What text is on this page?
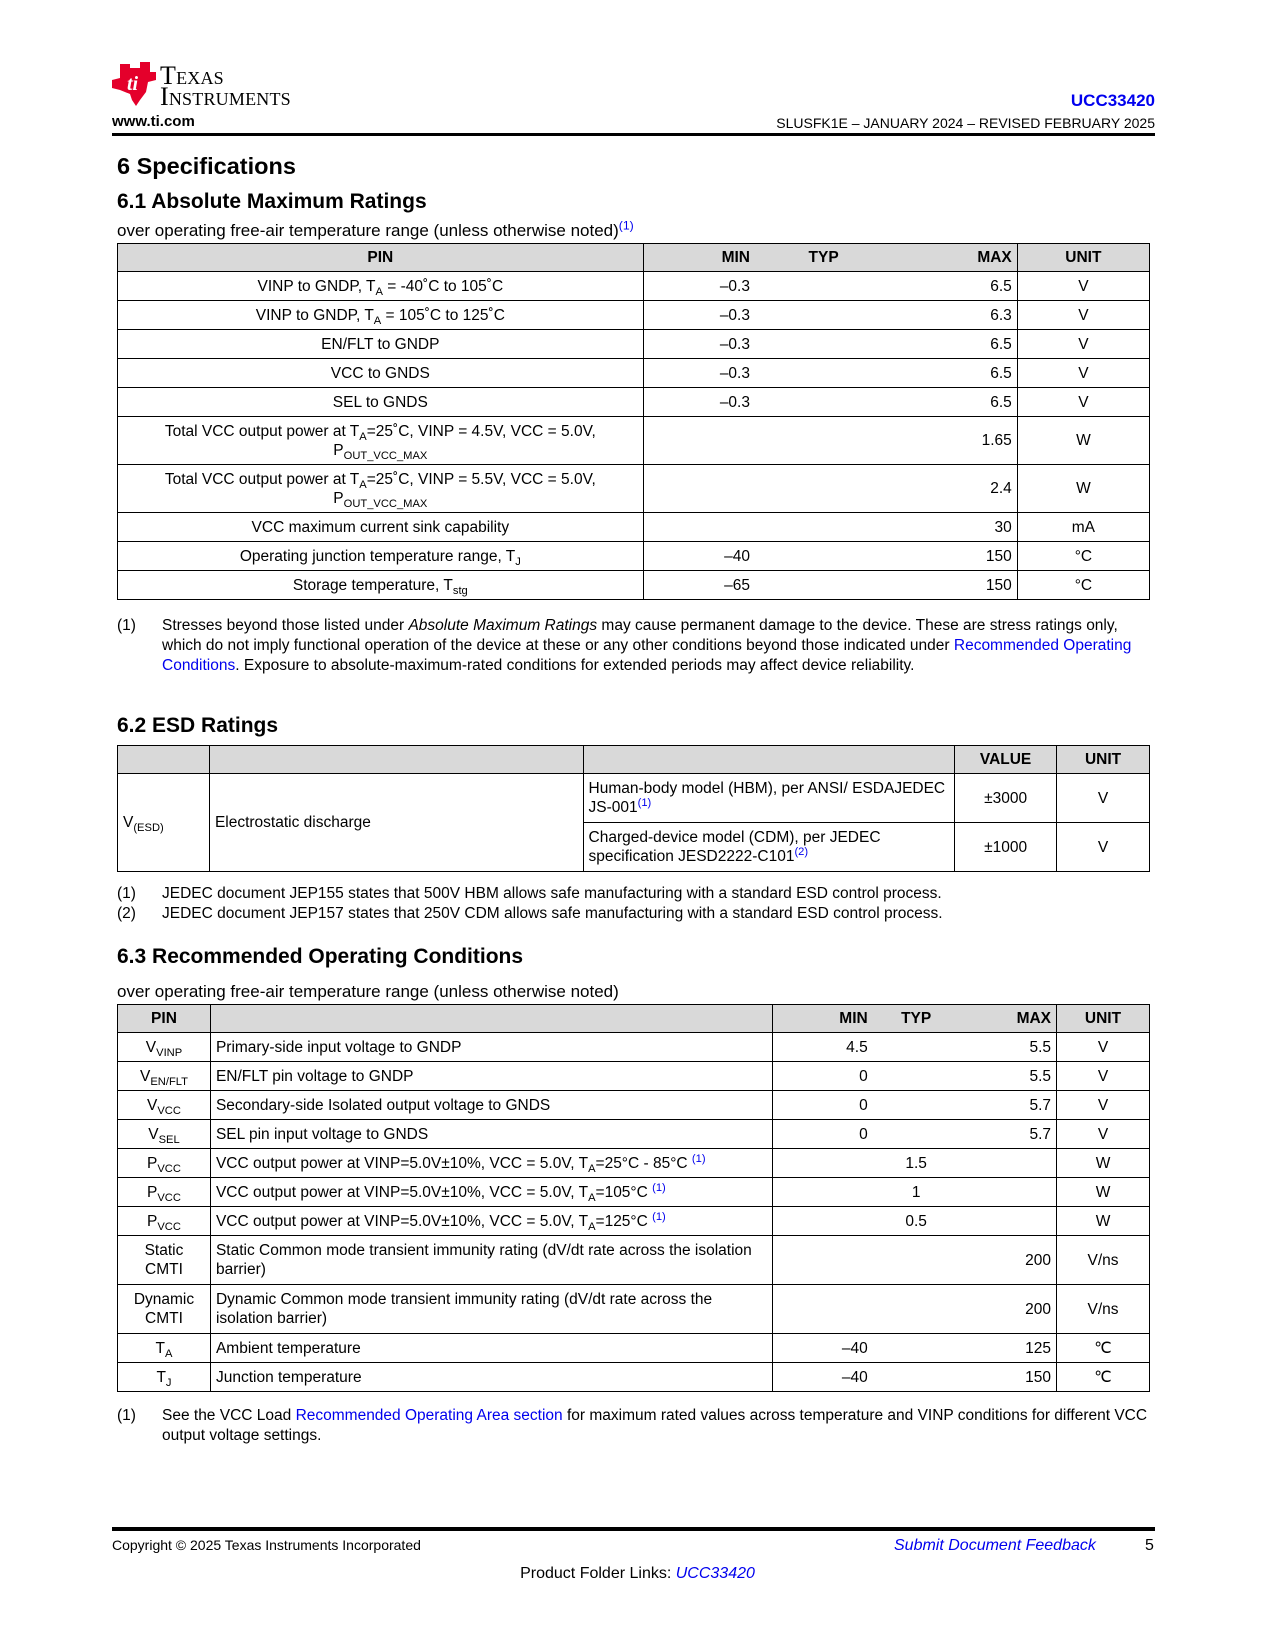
ti Texas
Instruments
www.ti.com
UCC33420
SLUSFK1E – JANUARY 2024 – REVISED FEBRUARY 2025
6 Specifications
6.1 Absolute Maximum Ratings
over operating free-air temperature range (unless otherwise noted)$^{(1)}$
PIN	MIN	TYP	MAX	UNIT
VINP to GNDP, $T_A$ = -40˚C to 105˚C	–0.3		6.5	V
VINP to GNDP, $T_A$ = 105˚C to 125˚C	–0.3		6.3	V
EN/FLT to GNDP	–0.3		6.5	V
VCC to GNDS	–0.3		6.5	V
SEL to GNDS	–0.3		6.5	V
Total VCC output power at $T_A=25˚C$, VINP = 4.5V, VCC = 5.0V, $P_{OUT\_VCC\_MAX}$			1.65	W
Total VCC output power at $T_A=25˚C$, VINP = 5.5V, VCC = 5.0V, $P_{OUT\_VCC\_MAX}$			2.4	W
VCC maximum current sink capability			30	mA
Operating junction temperature range, $T_J$	–40		150	°C
Storage temperature, $T_{stg}$	–65		150	°C
(1) Stresses beyond those listed under Absolute Maximum Ratings may cause permanent damage to the device. These are stress ratings only, which do not imply functional operation of the device at these or any other conditions beyond those indicated under Recommended Operating Conditions. Exposure to absolute-maximum-rated conditions for extended periods may affect device reliability.
6.2 ESD Ratings
			VALUE	UNIT
$V_{(ESD)}$	Electrostatic discharge	Human-body model (HBM), per ANSI/ ESDAJEDEC JS-001$^{(1)}$	±3000	V
		Charged-device model (CDM), per JEDEC specification JESD2222-C101$^{(2)}$	±1000	V
(1) JEDEC document JEP155 states that 500V HBM allows safe manufacturing with a standard ESD control process.
(2) JEDEC document JEP157 states that 250V CDM allows safe manufacturing with a standard ESD control process.
6.3 Recommended Operating Conditions
over operating free-air temperature range (unless otherwise noted)
PIN		MIN	TYP	MAX	UNIT
$V_{VINP}$	Primary-side input voltage to GNDP	4.5		5.5	V
$V_{EN/FLT}$	EN/FLT pin voltage to GNDP	0		5.5	V
$V_{VCC}$	Secondary-side Isolated output voltage to GNDS	0		5.7	V
$V_{SEL}$	SEL pin input voltage to GNDS	0		5.7	V
$P_{VCC}$	VCC output power at VINP=5.0V±10%, VCC = 5.0V, $T_A=25^\circ C - 85^\circ C$ $^{(1)}$		1.5		W
$P_{VCC}$	VCC output power at VINP=5.0V±10%, VCC = 5.0V, $T_A=105^\circ C$ $^{(1)}$		1		W
$P_{VCC}$	VCC output power at VINP=5.0V±10%, VCC = 5.0V, $T_A=125^\circ C$ $^{(1)}$		0.5		W
Static CMTI	Static Common mode transient immunity rating (dV/dt rate across the isolation barrier)			200	V/ns
Dynamic CMTI	Dynamic Common mode transient immunity rating (dV/dt rate across the isolation barrier)			200	V/ns
$T_A$	Ambient temperature	–40		125	℃
$T_J$	Junction temperature	–40		150	℃
(1) See the VCC Load Recommended Operating Area section for maximum rated values across temperature and VINP conditions for different VCC output voltage settings.
Copyright © 2025 Texas Instruments Incorporated	Submit Document Feedback	5
Product Folder Links: UCC33420
